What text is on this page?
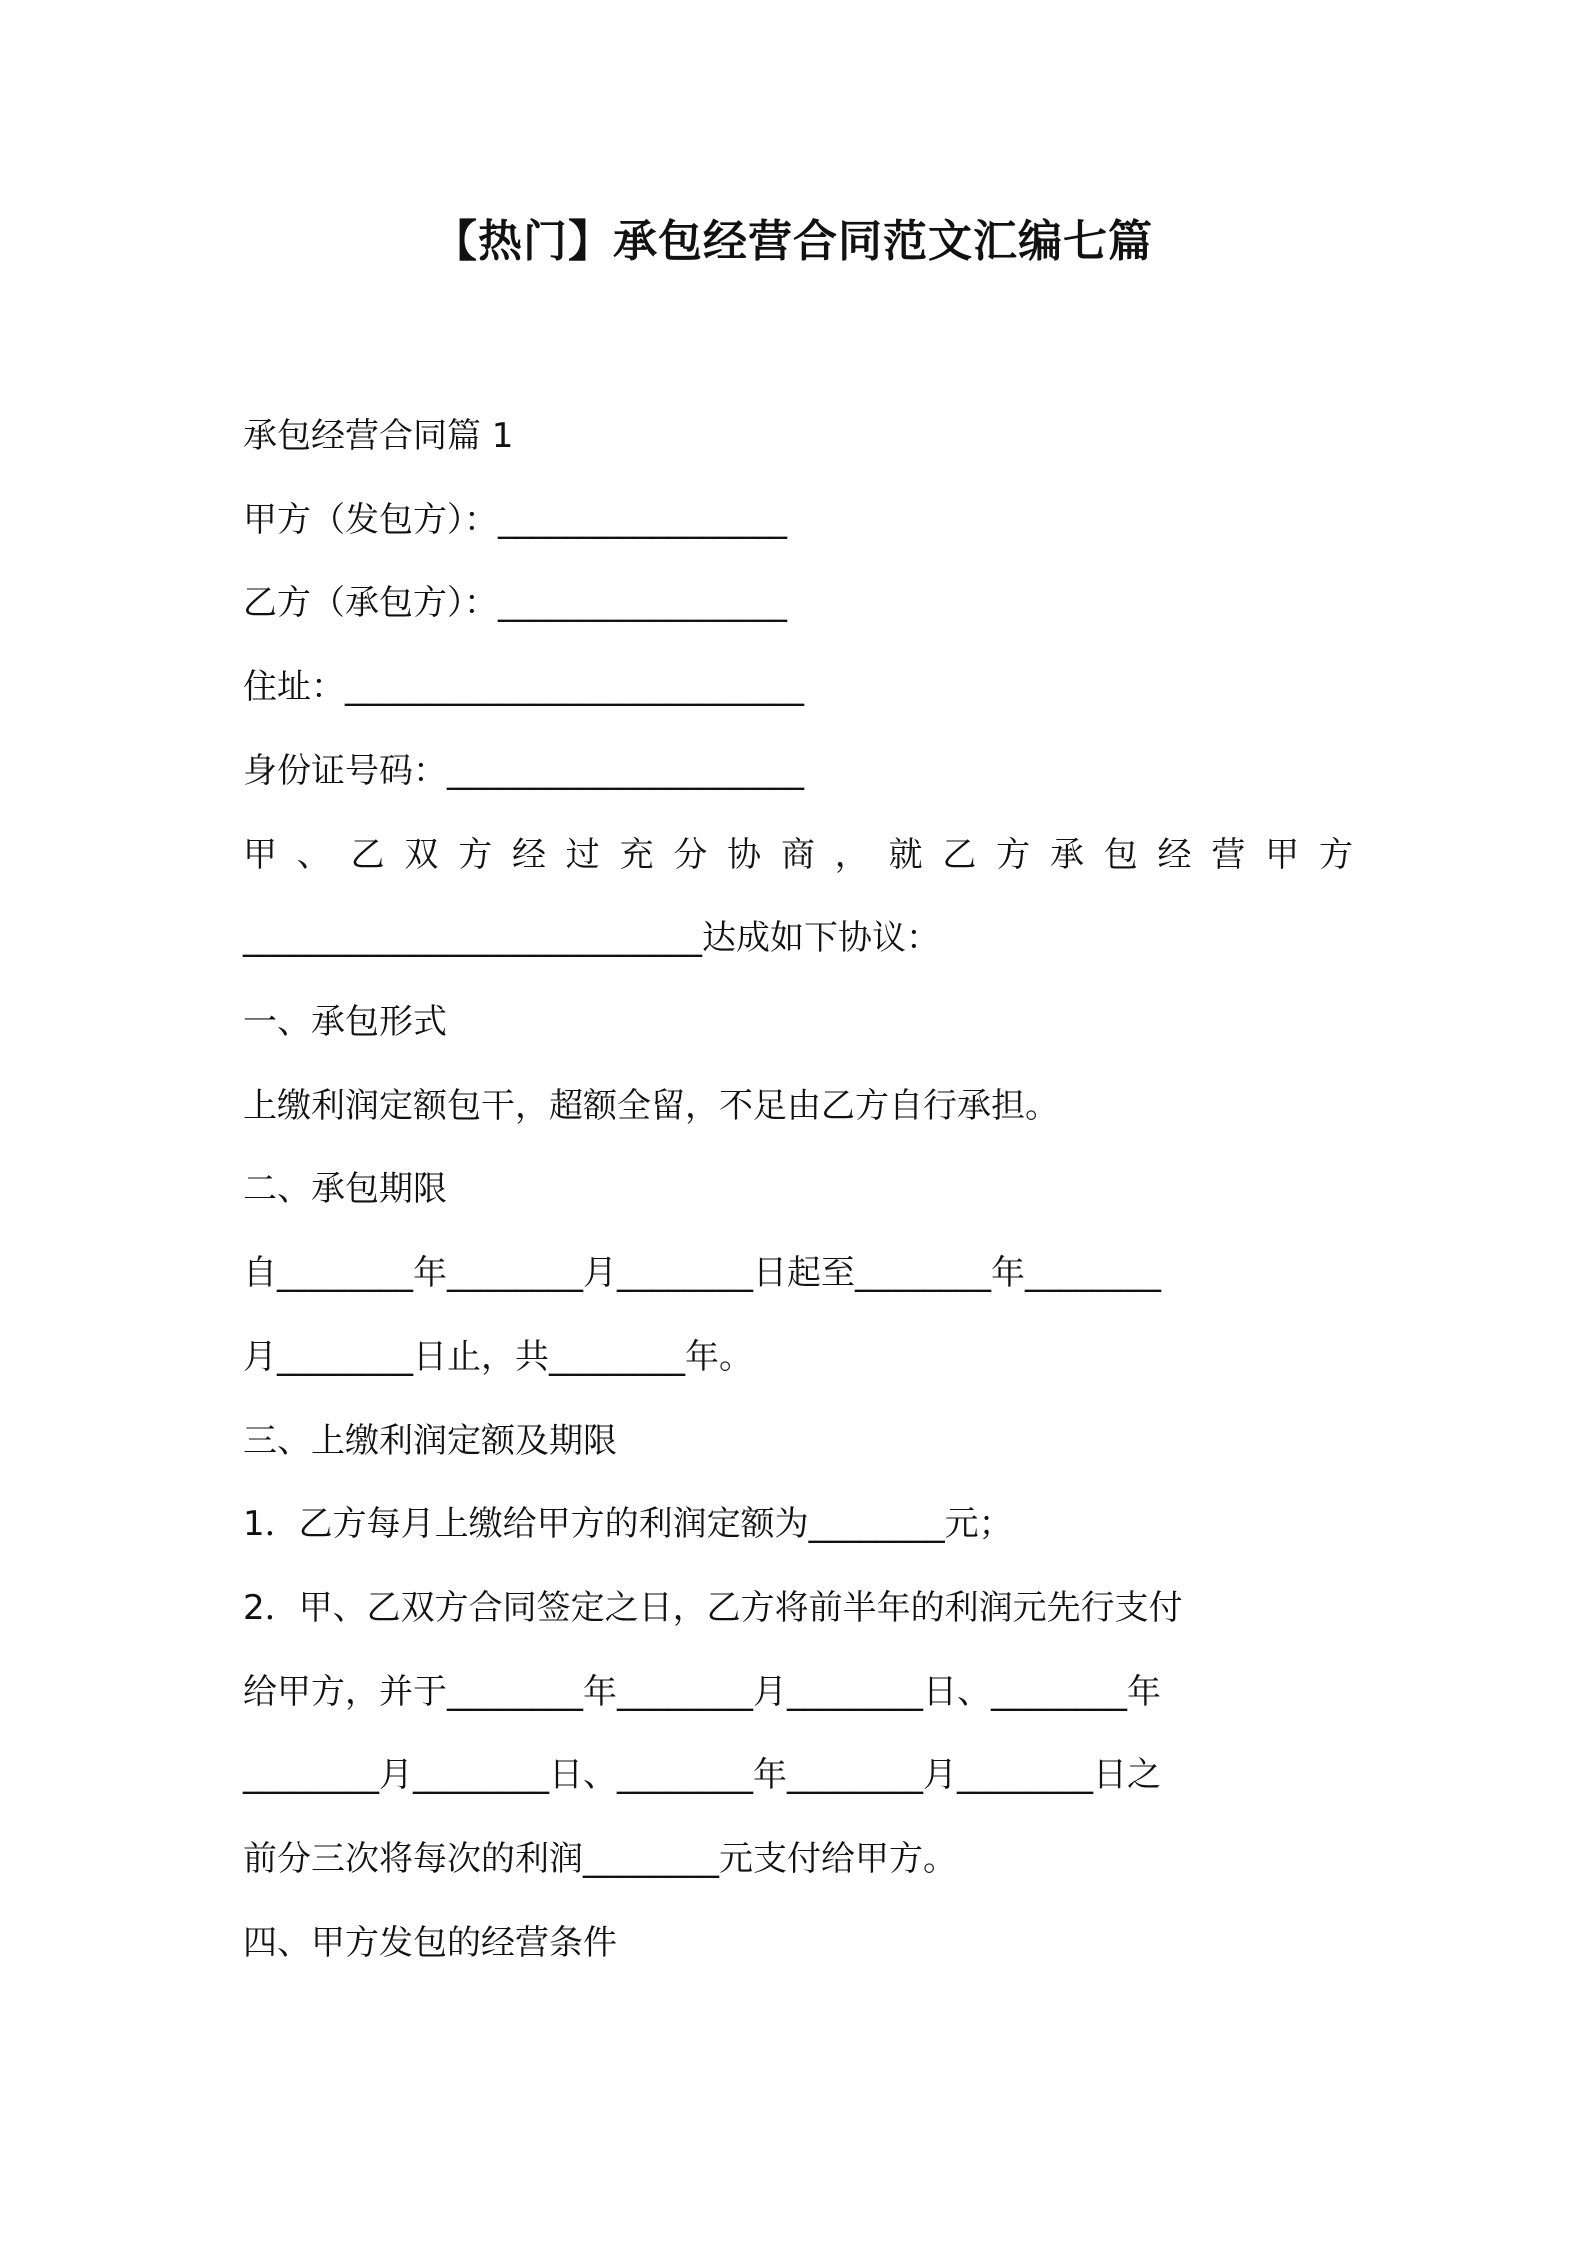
【热门】承包经营合同范文汇编七篇
承包经营合同篇 1
甲方（发包方）：_________________
乙方（承包方）：_________________
住址：___________________________
身份证号码：_____________________
甲 、 乙 双 方 经 过 充 分 协 商 ， 就 乙 方 承 包 经 营 甲 方
___________________________达成如下协议：
一、承包形式
上缴利润定额包干，超额全留，不足由乙方自行承担。
二、承包期限
自________年________月________日起至________年________
月________日止，共________年。
三、上缴利润定额及期限
1．乙方每月上缴给甲方的利润定额为________元；
2．甲、乙双方合同签定之日，乙方将前半年的利润元先行支付
给甲方，并于________年________月________日、________年
________月________日、________年________月________日之
前分三次将每次的利润________元支付给甲方。
四、甲方发包的经营条件
